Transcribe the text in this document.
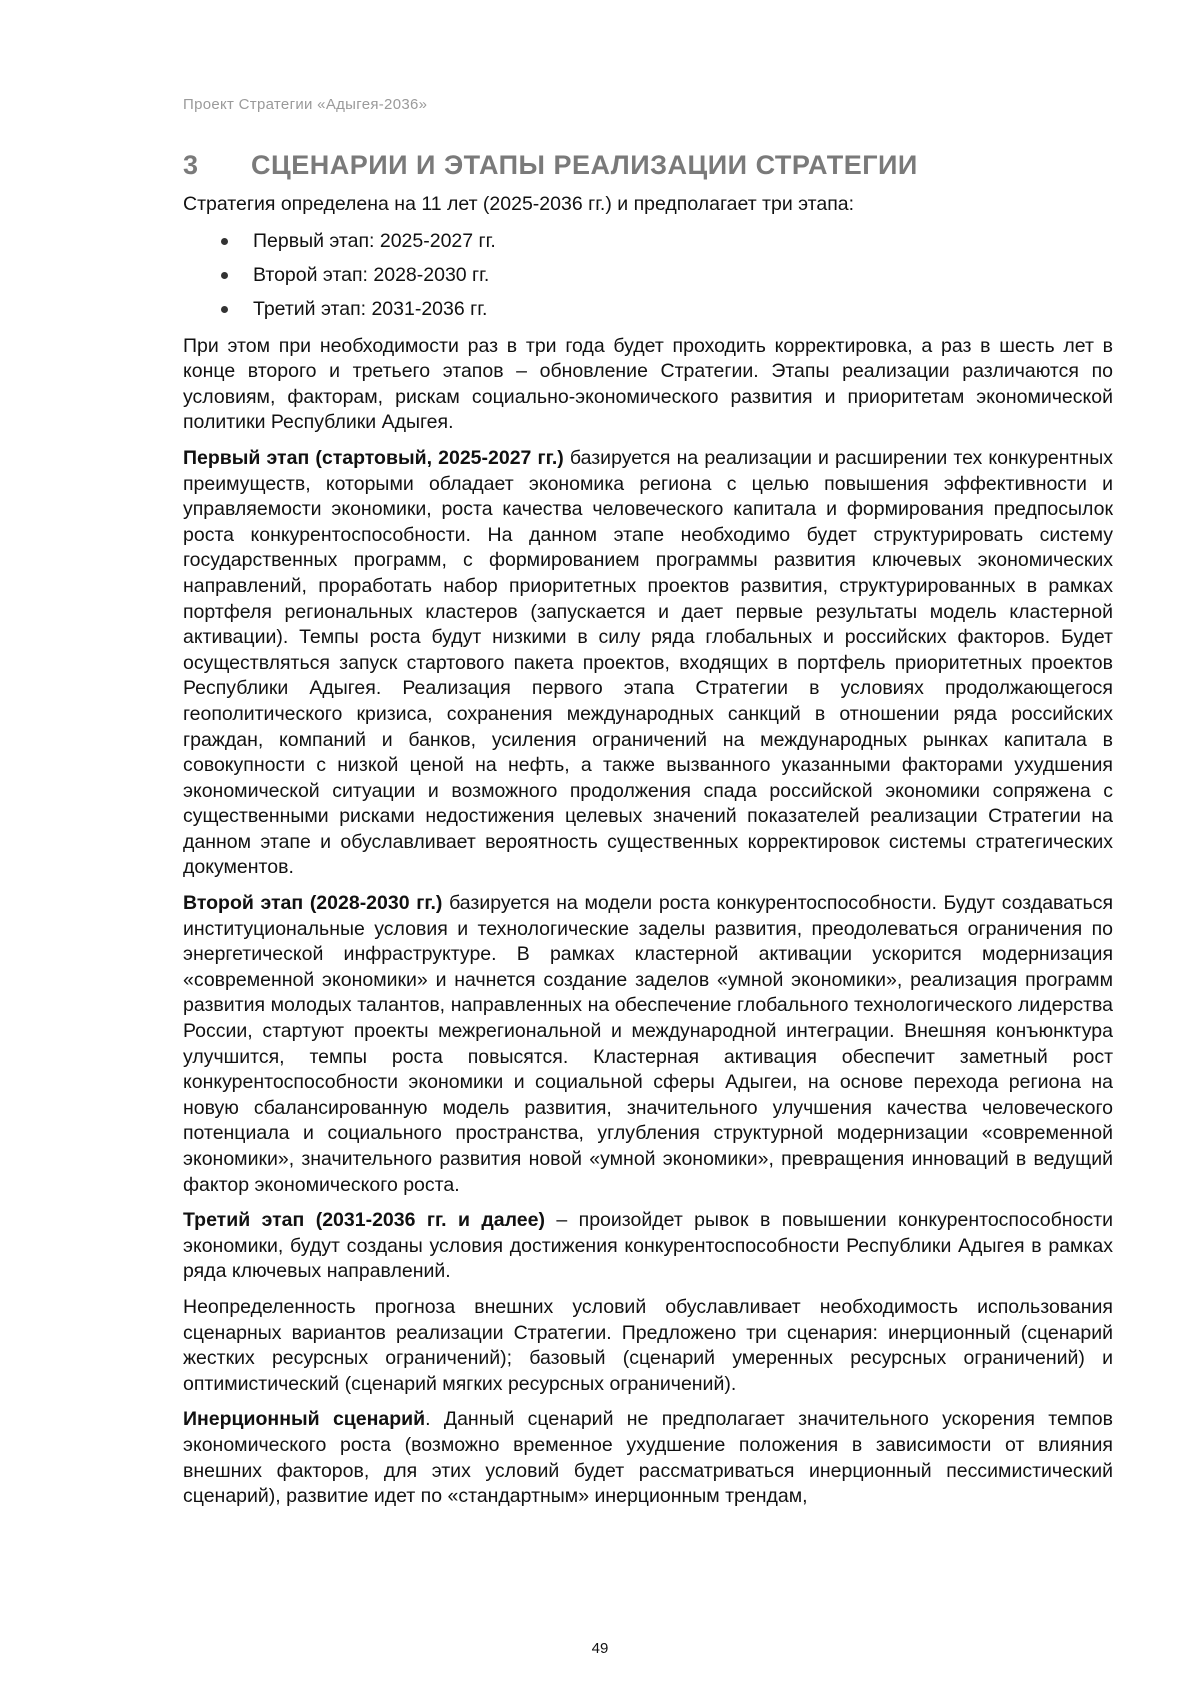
Проект Стратегии «Адыгея-2036»
3 СЦЕНАРИИ И ЭТАПЫ РЕАЛИЗАЦИИ СТРАТЕГИИ

Стратегия определена на 11 лет (2025-2036 гг.) и предполагает три этапа:

Первый этап: 2025-2027 гг.
Второй этап: 2028-2030 гг.
Третий этап: 2031-2036 гг.

При этом при необходимости раз в три года будет проходить корректировка, а раз в шесть лет в конце второго и третьего этапов – обновление Стратегии. Этапы реализации различаются по условиям, факторам, рискам социально-экономического развития и приоритетам экономической политики Республики Адыгея.

Первый этап (стартовый, 2025-2027 гг.) базируется на реализации и расширении тех конкурентных преимуществ, которыми обладает экономика региона с целью повышения эффективности и управляемости экономики, роста качества человеческого капитала и формирования предпосылок роста конкурентоспособности. На данном этапе необходимо будет структурировать систему государственных программ, с формированием программы развития ключевых экономических направлений, проработать набор приоритетных проектов развития, структурированных в рамках портфеля региональных кластеров (запускается и дает первые результаты модель кластерной активации). Темпы роста будут низкими в силу ряда глобальных и российских факторов. Будет осуществляться запуск стартового пакета проектов, входящих в портфель приоритетных проектов Республики Адыгея. Реализация первого этапа Стратегии в условиях продолжающегося геополитического кризиса, сохранения международных санкций в отношении ряда российских граждан, компаний и банков, усиления ограничений на международных рынках капитала в совокупности с низкой ценой на нефть, а также вызванного указанными факторами ухудшения экономической ситуации и возможного продолжения спада российской экономики сопряжена с существенными рисками недостижения целевых значений показателей реализации Стратегии на данном этапе и обуславливает вероятность существенных корректировок системы стратегических документов.

Второй этап (2028-2030 гг.) базируется на модели роста конкурентоспособности. Будут создаваться институциональные условия и технологические заделы развития, преодолеваться ограничения по энергетической инфраструктуре. В рамках кластерной активации ускорится модернизация «современной экономики» и начнется создание заделов «умной экономики», реализация программ развития молодых талантов, направленных на обеспечение глобального технологического лидерства России, стартуют проекты межрегиональной и международной интеграции. Внешняя конъюнктура улучшится, темпы роста повысятся. Кластерная активация обеспечит заметный рост конкурентоспособности экономики и социальной сферы Адыгеи, на основе перехода региона на новую сбалансированную модель развития, значительного улучшения качества человеческого потенциала и социального пространства, углубления структурной модернизации «современной экономики», значительного развития новой «умной экономики», превращения инноваций в ведущий фактор экономического роста.

Третий этап (2031-2036 гг. и далее) – произойдет рывок в повышении конкурентоспособности экономики, будут созданы условия достижения конкурентоспособности Республики Адыгея в рамках ряда ключевых направлений.

Неопределенность прогноза внешних условий обуславливает необходимость использования сценарных вариантов реализации Стратегии. Предложено три сценария: инерционный (сценарий жестких ресурсных ограничений); базовый (сценарий умеренных ресурсных ограничений) и оптимистический (сценарий мягких ресурсных ограничений).

Инерционный сценарий. Данный сценарий не предполагает значительного ускорения темпов экономического роста (возможно временное ухудшение положения в зависимости от влияния внешних факторов, для этих условий будет рассматриваться инерционный пессимистический сценарий), развитие идет по «стандартным» инерционным трендам,

49
